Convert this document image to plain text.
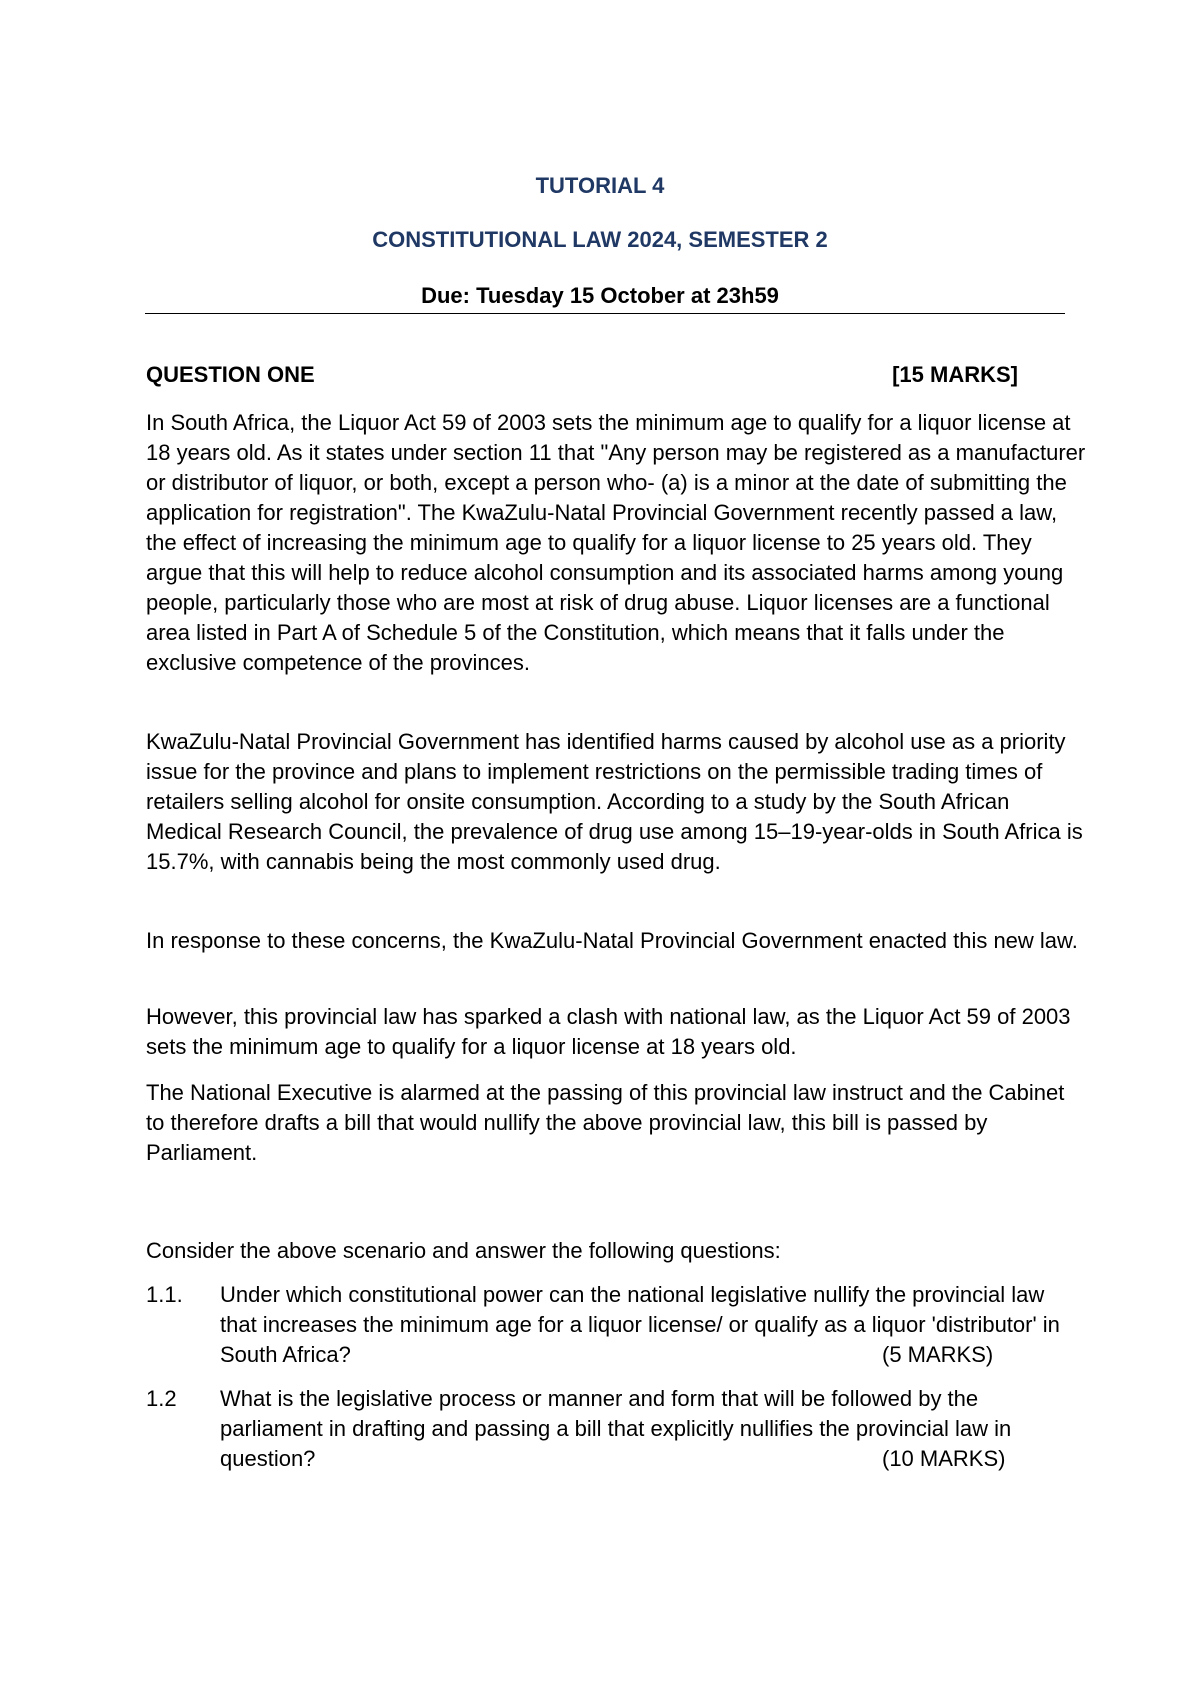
TUTORIAL 4
CONSTITUTIONAL LAW 2024, SEMESTER 2
Due: Tuesday 15 October at 23h59
QUESTION ONE	[15 MARKS]

In South Africa, the Liquor Act 59 of 2003 sets the minimum age to qualify for a liquor license at 18 years old. As it states under section 11 that "Any person may be registered as a manufacturer or distributor of liquor, or both, except a person who- (a) is a minor at the date of submitting the application for registration". The KwaZulu-Natal Provincial Government recently passed a law, the effect of increasing the minimum age to qualify for a liquor license to 25 years old. They argue that this will help to reduce alcohol consumption and its associated harms among young people, particularly those who are most at risk of drug abuse. Liquor licenses are a functional area listed in Part A of Schedule 5 of the Constitution, which means that it falls under the exclusive competence of the provinces.

KwaZulu-Natal Provincial Government has identified harms caused by alcohol use as a priority issue for the province and plans to implement restrictions on the permissible trading times of retailers selling alcohol for onsite consumption. According to a study by the South African Medical Research Council, the prevalence of drug use among 15–19-year-olds in South Africa is 15.7%, with cannabis being the most commonly used drug.

In response to these concerns, the KwaZulu-Natal Provincial Government enacted this new law.

However, this provincial law has sparked a clash with national law, as the Liquor Act 59 of 2003 sets the minimum age to qualify for a liquor license at 18 years old.

The National Executive is alarmed at the passing of this provincial law instruct and the Cabinet to therefore drafts a bill that would nullify the above provincial law, this bill is passed by Parliament.

Consider the above scenario and answer the following questions:

1.1. Under which constitutional power can the national legislative nullify the provincial law that increases the minimum age for a liquor license/ or qualify as a liquor 'distributor' in South Africa?	(5 MARKS)
1.2 What is the legislative process or manner and form that will be followed by the parliament in drafting and passing a bill that explicitly nullifies the provincial law in question?	(10 MARKS)
